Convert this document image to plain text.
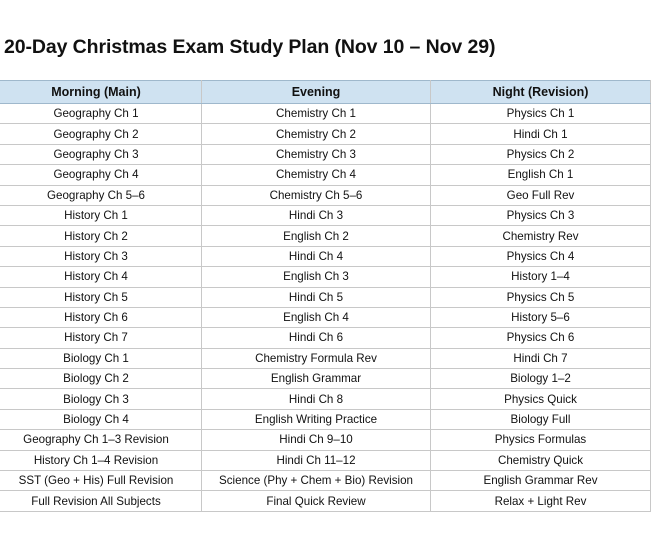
20-Day Christmas Exam Study Plan (Nov 10 – Nov 29)
Morning (Main)	Evening	Night (Revision)
Geography Ch 1	Chemistry Ch 1	Physics Ch 1
Geography Ch 2	Chemistry Ch 2	Hindi Ch 1
Geography Ch 3	Chemistry Ch 3	Physics Ch 2
Geography Ch 4	Chemistry Ch 4	English Ch 1
Geography Ch 5–6	Chemistry Ch 5–6	Geo Full Rev
History Ch 1	Hindi Ch 3	Physics Ch 3
History Ch 2	English Ch 2	Chemistry Rev
History Ch 3	Hindi Ch 4	Physics Ch 4
History Ch 4	English Ch 3	History 1–4
History Ch 5	Hindi Ch 5	Physics Ch 5
History Ch 6	English Ch 4	History 5–6
History Ch 7	Hindi Ch 6	Physics Ch 6
Biology Ch 1	Chemistry Formula Rev	Hindi Ch 7
Biology Ch 2	English Grammar	Biology 1–2
Biology Ch 3	Hindi Ch 8	Physics Quick
Biology Ch 4	English Writing Practice	Biology Full
Geography Ch 1–3 Revision	Hindi Ch 9–10	Physics Formulas
History Ch 1–4 Revision	Hindi Ch 11–12	Chemistry Quick
SST (Geo + His) Full Revision	Science (Phy + Chem + Bio) Revision	English Grammar Rev
Full Revision All Subjects	Final Quick Review	Relax + Light Rev
